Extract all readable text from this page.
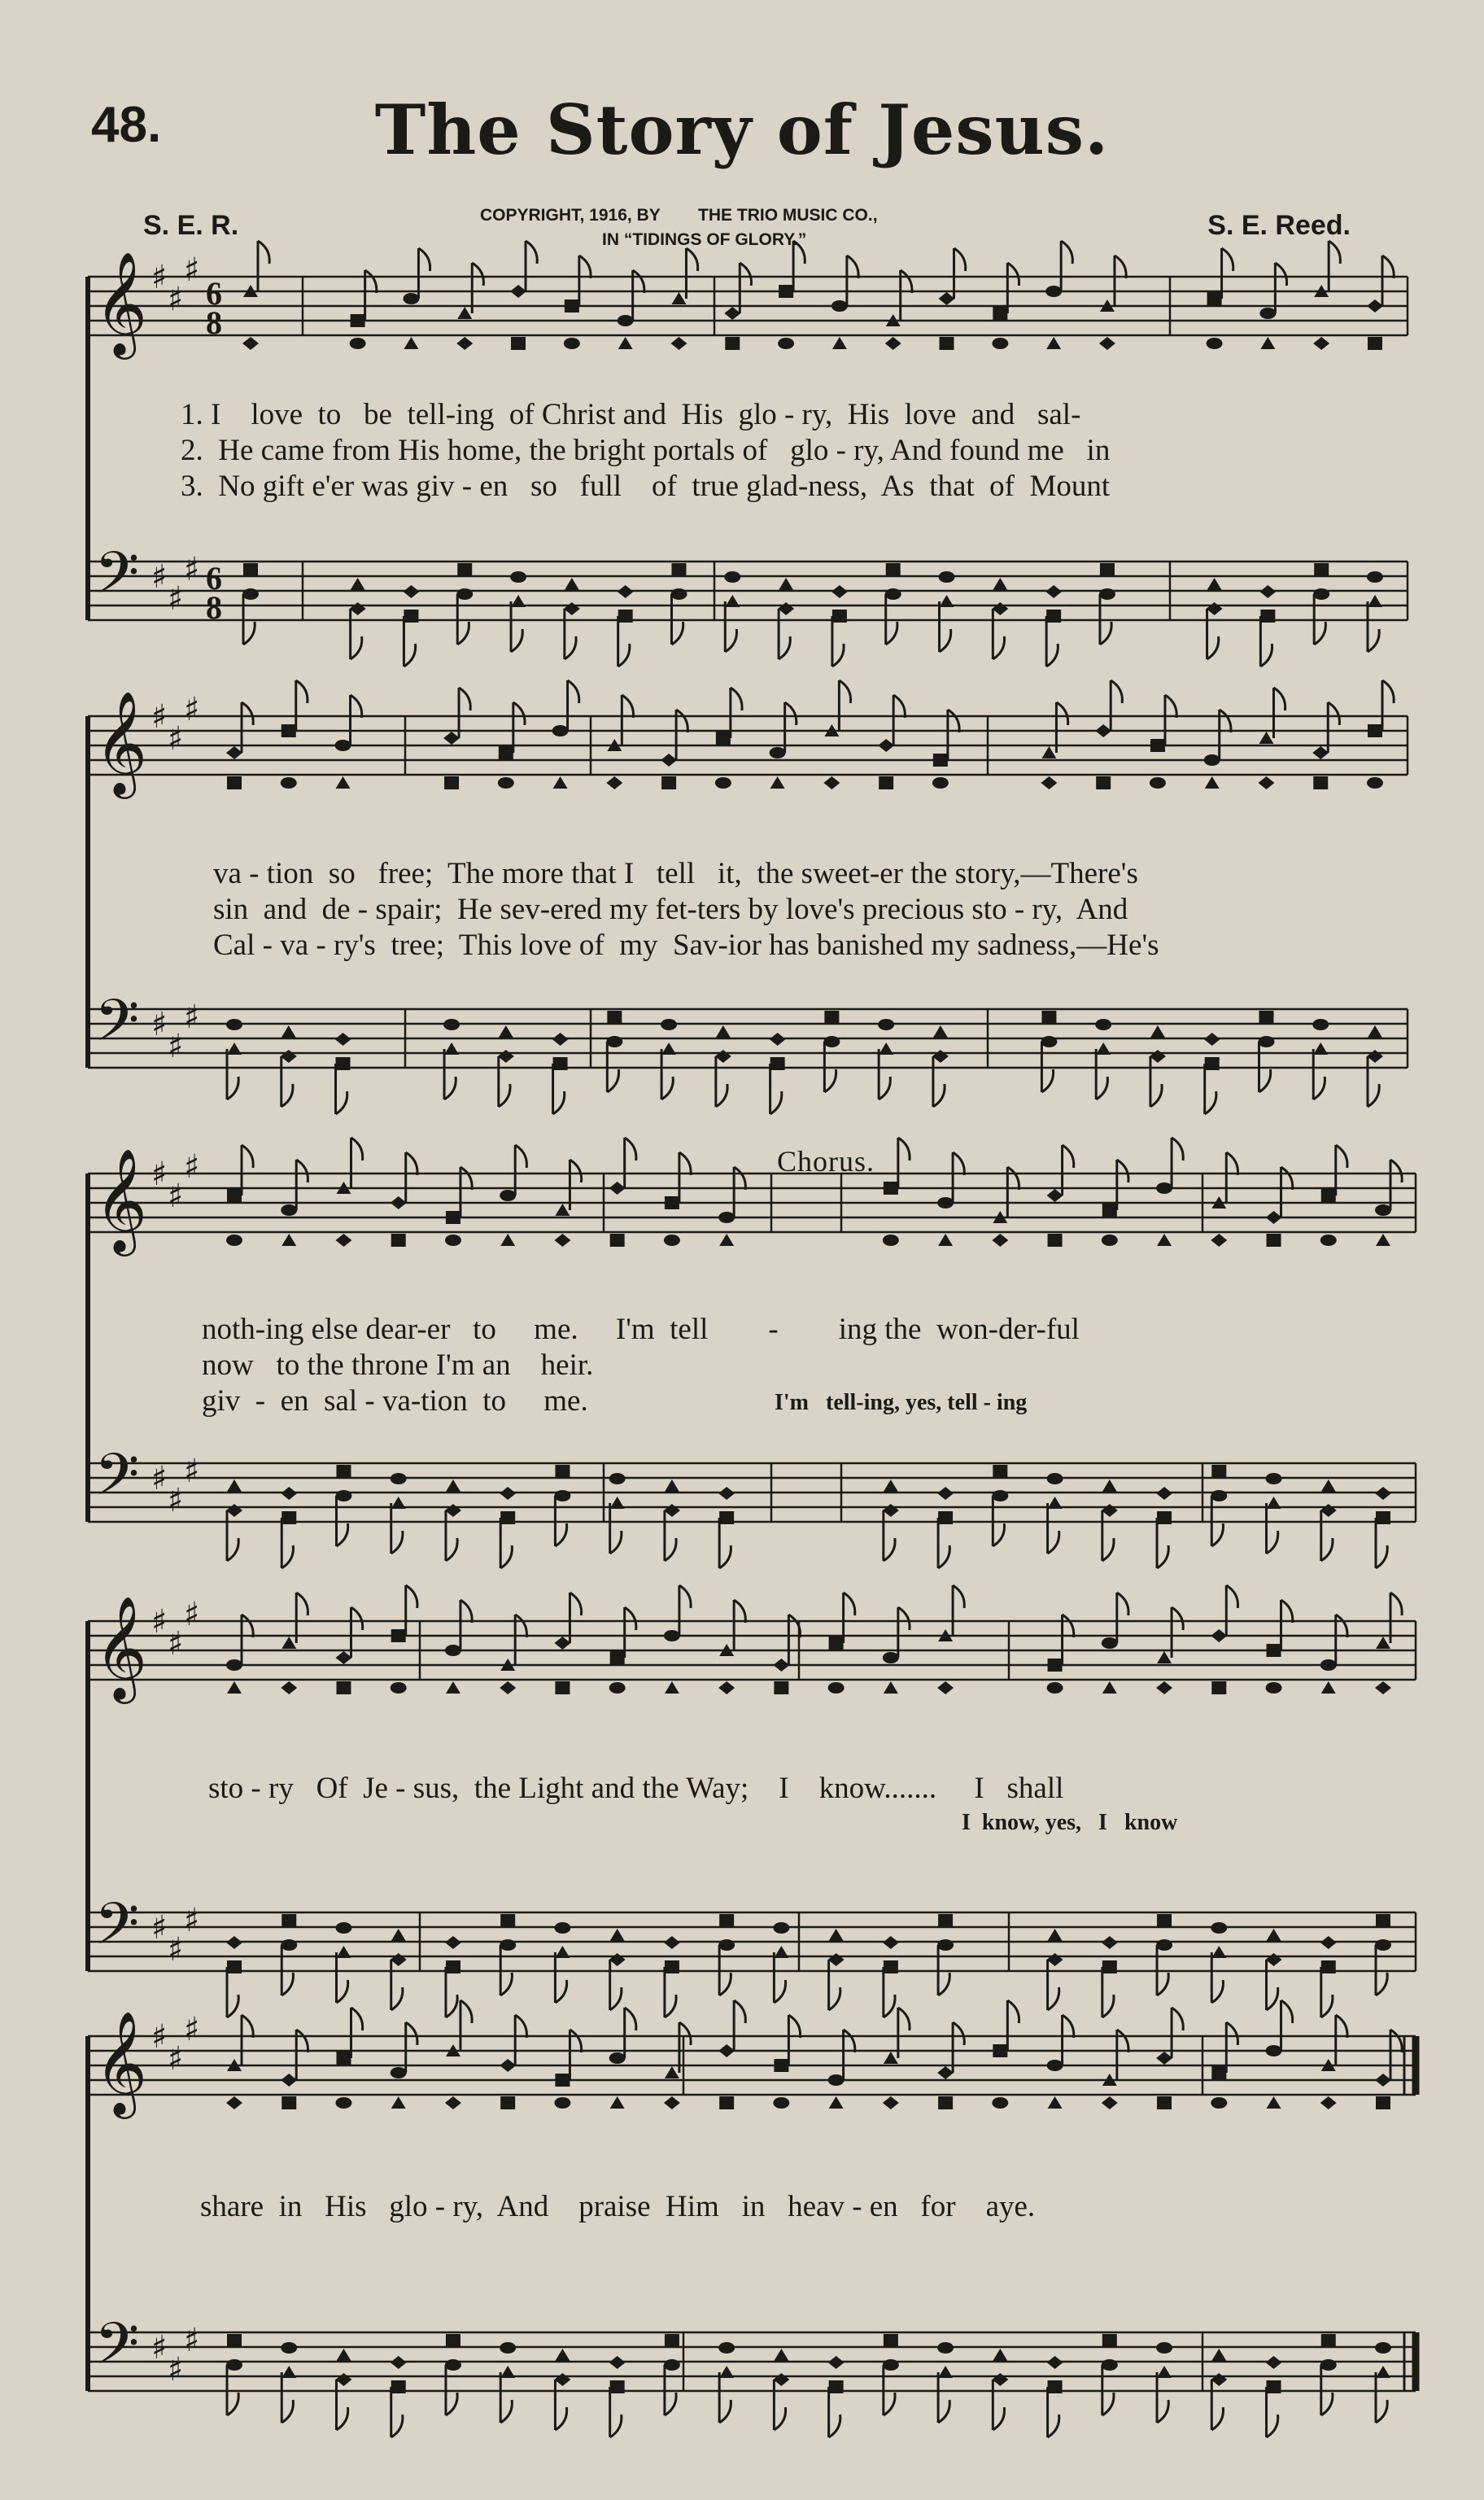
48.	The Story of Jesus.
S. E. R.	COPYRIGHT, 1916, BY        THE TRIO MUSIC CO.,
IN “TIDINGS OF GLORY.”	S. E. Reed.
𝄞
𝄢
♯
♯
♯
♯
♯
♯
6
8
6
8
𝄞
𝄢
♯
♯
♯
♯
♯
♯
𝄞
𝄢
♯
♯
♯
♯
♯
♯
𝄞
𝄢
♯
♯
♯
♯
♯
♯
𝄞
𝄢
♯
♯
♯
♯
♯
♯
1. I    love  to   be  tell-ing  of Christ and  His  glo - ry,  His  love  and   sal-
2.  He came from His home, the bright portals of   glo - ry, And found me   in
3.  No gift e'er was giv - en   so   full    of  true glad-ness,  As  that  of  Mount
va - tion  so   free;  The more that I   tell   it,  the sweet-er the story,—There's
sin  and  de - spair;  He sev-ered my fet-ters by love's precious sto - ry,  And
Cal - va - ry's  tree;  This love of  my  Sav-ior has banished my sadness,—He's
Chorus.
noth-ing else dear-er   to     me.     I'm  tell        -        ing the  won-der-ful
now   to the throne I'm an    heir.
giv  -  en  sal - va-tion  to     me.	I'm   tell-ing, yes, tell - ing
sto - ry   Of  Je - sus,  the Light and the Way;    I    know.......     I   shall
I  know, yes,   I   know
share  in   His   glo - ry,  And    praise  Him   in   heav - en   for    aye.
